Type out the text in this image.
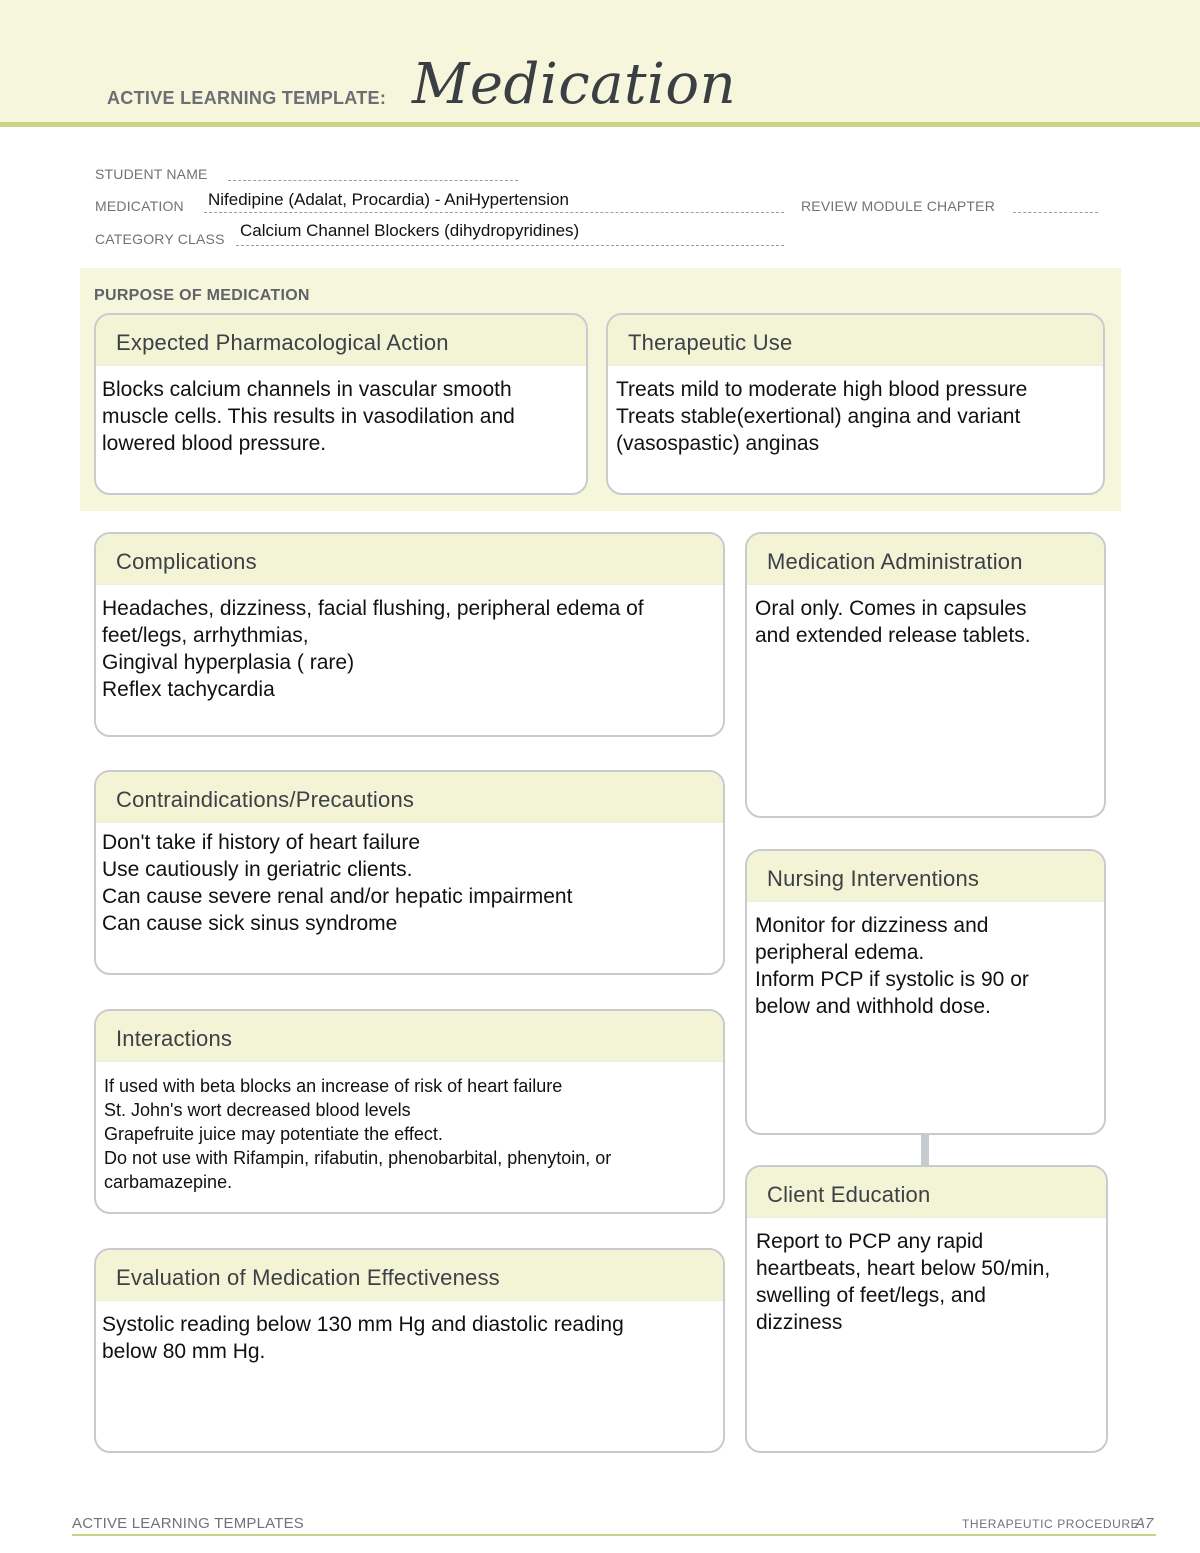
ACTIVE LEARNING TEMPLATE: Medication
STUDENT NAME
MEDICATION Nifedipine (Adalat, Procardia) - AniHypertension	REVIEW MODULE CHAPTER
CATEGORY CLASS Calcium Channel Blockers (dihydropyridines)
PURPOSE OF MEDICATION
Expected Pharmacological Action

Blocks calcium channels in vascular smooth

muscle cells. This results in vasodilation and

lowered blood pressure.

Therapeutic Use

Treats mild to moderate high blood pressure

Treats stable(exertional) angina and variant

(vasospastic) anginas

Complications

Headaches, dizziness, facial flushing, peripheral edema of

feet/legs, arrhythmias,

Gingival hyperplasia ( rare)

Reflex tachycardia

Contraindications/Precautions

Don't take if history of heart failure

Use cautiously in geriatric clients.

Can cause severe renal and/or hepatic impairment

Can cause sick sinus syndrome

Interactions

If used with beta blocks an increase of risk of heart failure

St. John's wort decreased blood levels

Grapefruite juice may potentiate the effect.

Do not use with Rifampin, rifabutin, phenobarbital, phenytoin, or

carbamazepine.

Evaluation of Medication Effectiveness

Systolic reading below 130 mm Hg and diastolic reading

below 80 mm Hg.

Medication Administration

Oral only. Comes in capsules

and extended release tablets.

Nursing Interventions

Monitor for dizziness and

peripheral edema.

Inform PCP if systolic is 90 or

below and withhold dose.

Client Education

Report to PCP any rapid

heartbeats, heart below 50/min,

swelling of feet/legs, and

dizziness

ACTIVE LEARNING TEMPLATES	THERAPEUTIC PROCEDURE
A7
